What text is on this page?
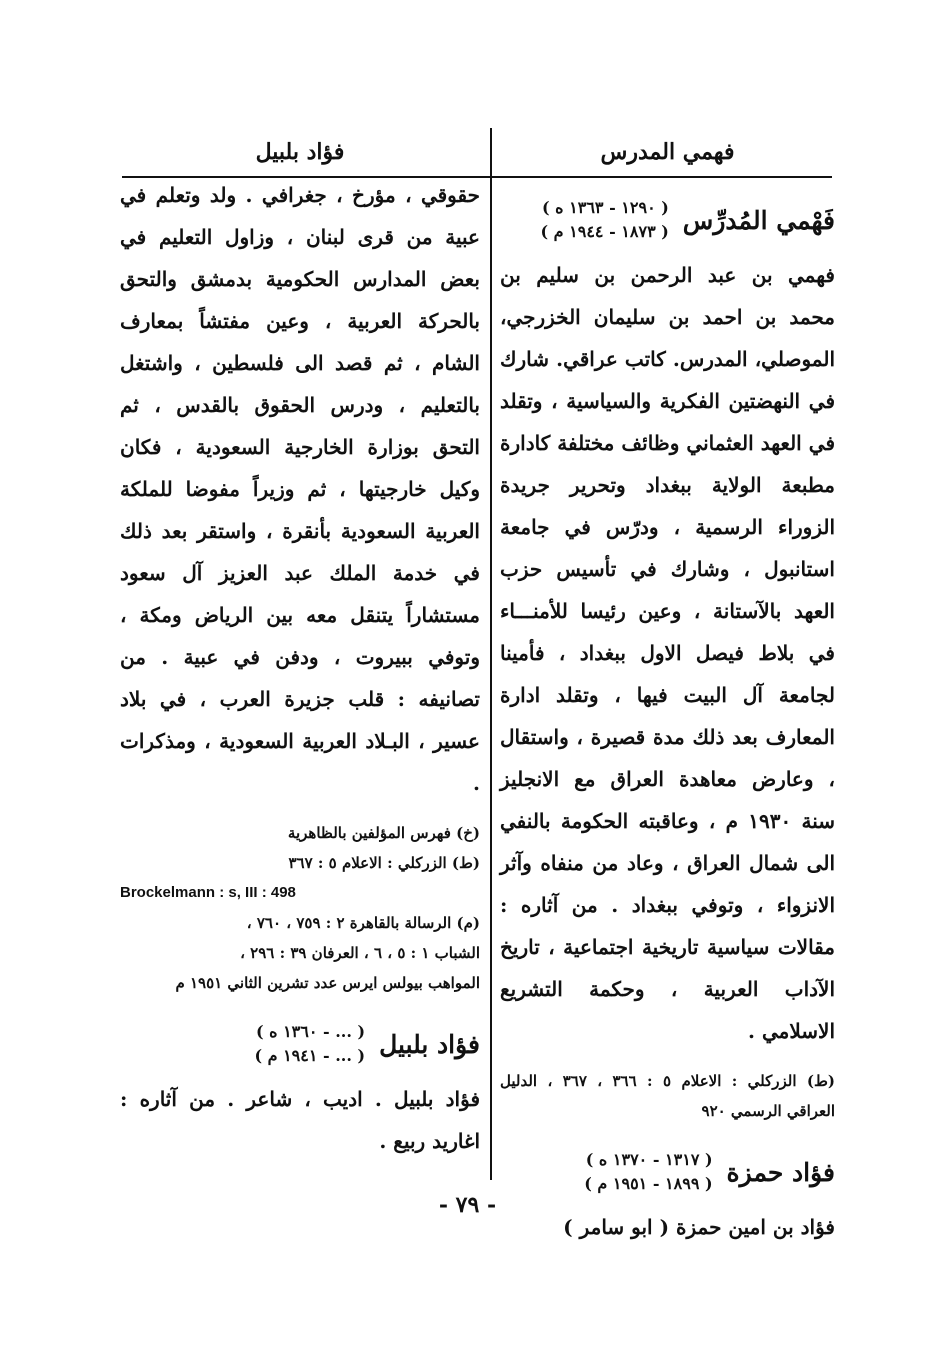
فهمي المدرس
فَهْمي المُدرِّس
( ١٢٩٠ - ١٣٦٣ ه )
( ١٨٧٣ - ١٩٤٤ م )
فهمي بن عبد الرحمن بن سليم بن محمد بن احمد بن سليمان الخزرجي، الموصلي، المدرس. كاتب عراقي. شارك في النهضتين الفكرية والسياسية ، وتقلد في العهد العثماني وظائف مختلفة كادارة مطبعة الولاية ببغداد وتحرير جريدة الزوراء الرسمية ، ودرّس في جامعة استانبول ، وشارك في تأسيس حزب العهد بالآستانة ، وعين رئيسا للأمنـــاء في بلاط فيصل الاول ببغداد ، فأمينا لجامعة آل البيت فيها ، وتقلد ادارة المعارف بعد ذلك مدة قصيرة ، واستقال ، وعارض معاهدة العراق مع الانجليز سنة ١٩٣٠ م ، وعاقبته الحكومة بالنفي الى شمال العراق ، وعاد من منفاه وآثر الانزواء ، وتوفي ببغداد . من آثاره : مقالات سياسية تاريخية اجتماعية ، تاريخ الآداب العربية ، وحكمة التشريع الاسلامي .
(ط) الزركلي : الاعلام ٥ : ٣٦٦ ، ٣٦٧ ، الدليل العراقي الرسمي ٩٢٠
فؤاد حمزة
( ١٣١٧ - ١٣٧٠ ه )
( ١٨٩٩ - ١٩٥١ م )
فؤاد بن امين حمزة ( ابو سامر )
فؤاد بلبيل
حقوقي ، مؤرخ ، جغرافي . ولد وتعلم في عبية من قرى لبنان ، وزاول التعليم في بعض المدارس الحكومية بدمشق والتحق بالحركة العربية ، وعين مفتشاً بمعارف الشام ، ثم قصد الى فلسطين ، واشتغل بالتعليم ، ودرس الحقوق بالقدس ، ثم التحق بوزارة الخارجية السعودية ، فكان وكيل خارجيتها ، ثم وزيراً مفوضا للملكة العربية السعودية بأنقرة ، واستقر بعد ذلك في خدمة الملك عبد العزيز آل سعود مستشاراً يتنقل معه بين الرياض ومكة ، وتوفي ببيروت ، ودفن في عبية . من تصانيفه : قلب جزيرة العرب ، في بلاد عسير ، البـلاد العربية السعودية ، ومذكرات .
(خ) فهرس المؤلفين بالظاهرية
(ط) الزركلي : الاعلام ٥ : ٣٦٧
Brockelmann : s, III : 498
(م) الرسالة بالقاهرة ٢ : ٧٥٩ ، ٧٦٠ ،
الشباب ١ : ٥ ، ٦ ، العرفان ٣٩ : ٢٩٦ ،
المواهب بيولس ايرس عدد تشرين الثاني ١٩٥١ م
فؤاد بلبيل
( ... - ١٣٦٠ ه )
( ... - ١٩٤١ م )
فؤاد بلبيل . اديب ، شاعر . من آثاره : اغاريد ربيع .
- ٧٩ -
